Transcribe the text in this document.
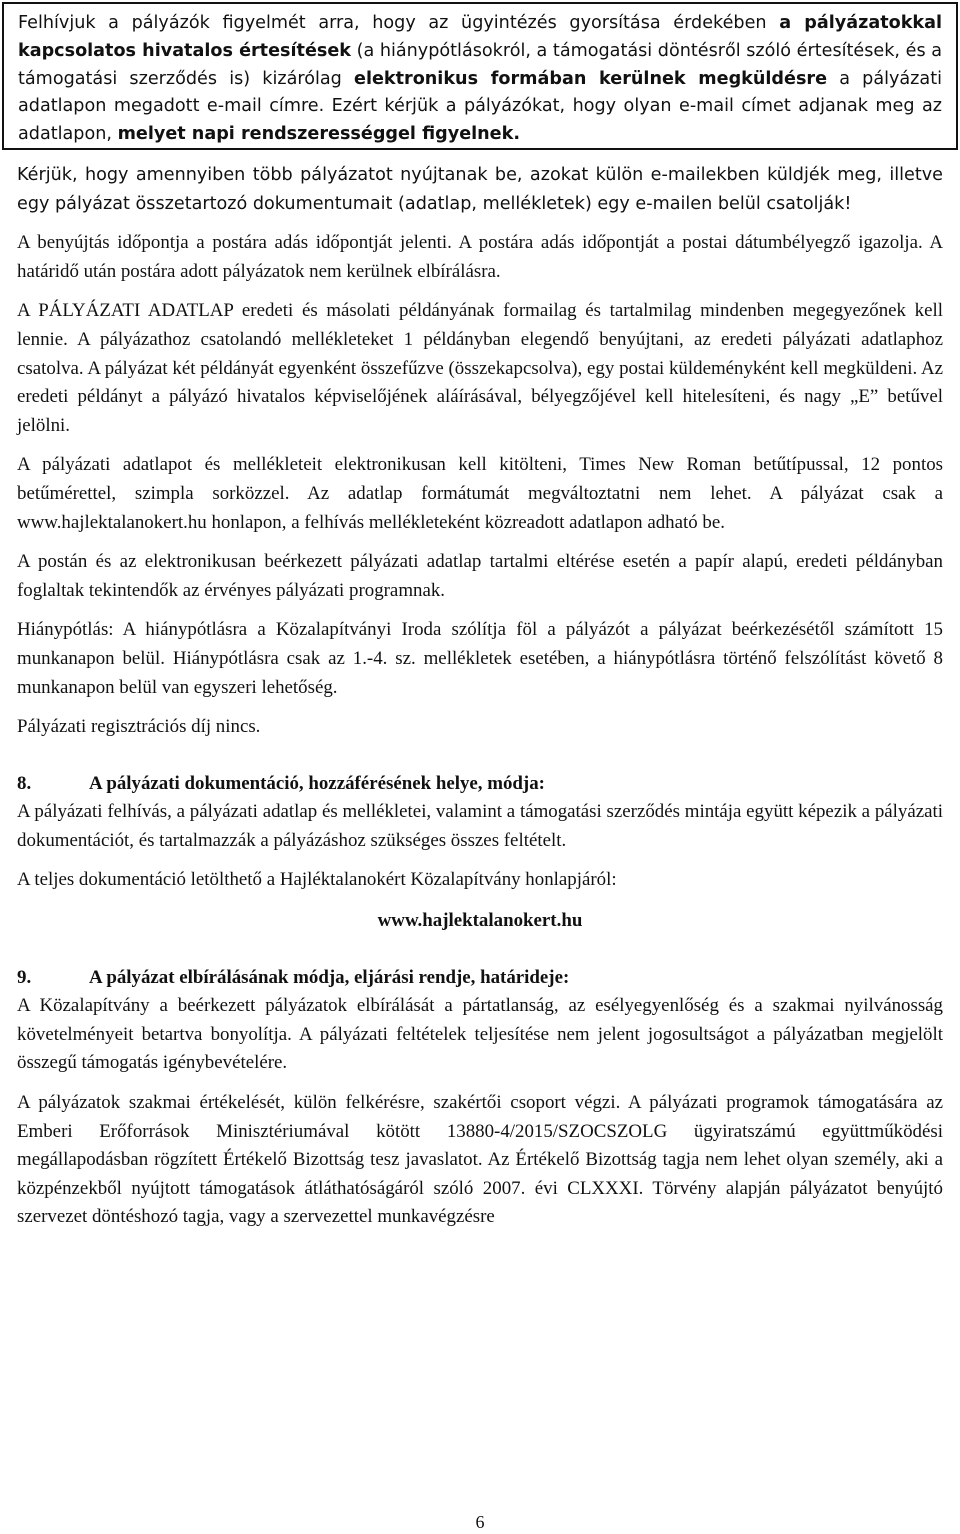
Felhívjuk a pályázók figyelmét arra, hogy az ügyintézés gyorsítása érdekében a pályázatokkal kapcsolatos hivatalos értesítések (a hiánypótlásokról, a támogatási döntésről szóló értesítések, és a támogatási szerződés is) kizárólag elektronikus formában kerülnek megküldésre a pályázati adatlapon megadott e-mail címre. Ezért kérjük a pályázókat, hogy olyan e-mail címet adjanak meg az adatlapon, melyet napi rendszerességgel figyelnek.

Kérjük, hogy amennyiben több pályázatot nyújtanak be, azokat külön e-mailekben küldjék meg, illetve egy pályázat összetartozó dokumentumait (adatlap, mellékletek) egy e-mailen belül csatolják!

A benyújtás időpontja a postára adás időpontját jelenti. A postára adás időpontját a postai dátumbélyegző igazolja. A határidő után postára adott pályázatok nem kerülnek elbírálásra.

A PÁLYÁZATI ADATLAP eredeti és másolati példányának formailag és tartalmilag mindenben megegyezőnek kell lennie. A pályázathoz csatolandó mellékleteket 1 példányban elegendő benyújtani, az eredeti pályázati adatlaphoz csatolva. A pályázat két példányát egyenként összefűzve (összekapcsolva), egy postai küldeményként kell megküldeni. Az eredeti példányt a pályázó hivatalos képviselőjének aláírásával, bélyegzőjével kell hitelesíteni, és nagy „E” betűvel jelölni.

A pályázati adatlapot és mellékleteit elektronikusan kell kitölteni, Times New Roman betűtípussal, 12 pontos betűmérettel, szimpla sorközzel. Az adatlap formátumát megváltoztatni nem lehet. A pályázat csak a www.hajlektalanokert.hu honlapon, a felhívás mellékleteként közreadott adatlapon adható be.

A postán és az elektronikusan beérkezett pályázati adatlap tartalmi eltérése esetén a papír alapú, eredeti példányban foglaltak tekintendők az érvényes pályázati programnak.

Hiánypótlás: A hiánypótlásra a Közalapítványi Iroda szólítja föl a pályázót a pályázat beérkezésétől számított 15 munkanapon belül. Hiánypótlásra csak az 1.-4. sz. mellékletek esetében, a hiánypótlásra történő felszólítást követő 8 munkanapon belül van egyszeri lehetőség.

Pályázati regisztrációs díj nincs.

8.	A pályázati dokumentáció, hozzáférésének helye, módja:

A pályázati felhívás, a pályázati adatlap és mellékletei, valamint a támogatási szerződés mintája együtt képezik a pályázati dokumentációt, és tartalmazzák a pályázáshoz szükséges összes feltételt.

A teljes dokumentáció letölthető a Hajléktalanokért Közalapítvány honlapjáról:

www.hajlektalanokert.hu

9.	A pályázat elbírálásának módja, eljárási rendje, határideje:

A Közalapítvány a beérkezett pályázatok elbírálását a pártatlanság, az esélyegyenlőség és a szakmai nyilvánosság követelményeit betartva bonyolítja. A pályázati feltételek teljesítése nem jelent jogosultságot a pályázatban megjelölt összegű támogatás igénybevételére.

A pályázatok szakmai értékelését, külön felkérésre, szakértői csoport végzi. A pályázati programok támogatására az Emberi Erőforrások Minisztériumával kötött 13880-4/2015/SZOCSZOLG ügyiratszámú együttműködési megállapodásban rögzített Értékelő Bizottság tesz javaslatot. Az Értékelő Bizottság tagja nem lehet olyan személy, aki a közpénzekből nyújtott támogatások átláthatóságáról szóló 2007. évi CLXXXI. Törvény alapján pályázatot benyújtó szervezet döntéshozó tagja, vagy a szervezettel munkavégzésre

6
